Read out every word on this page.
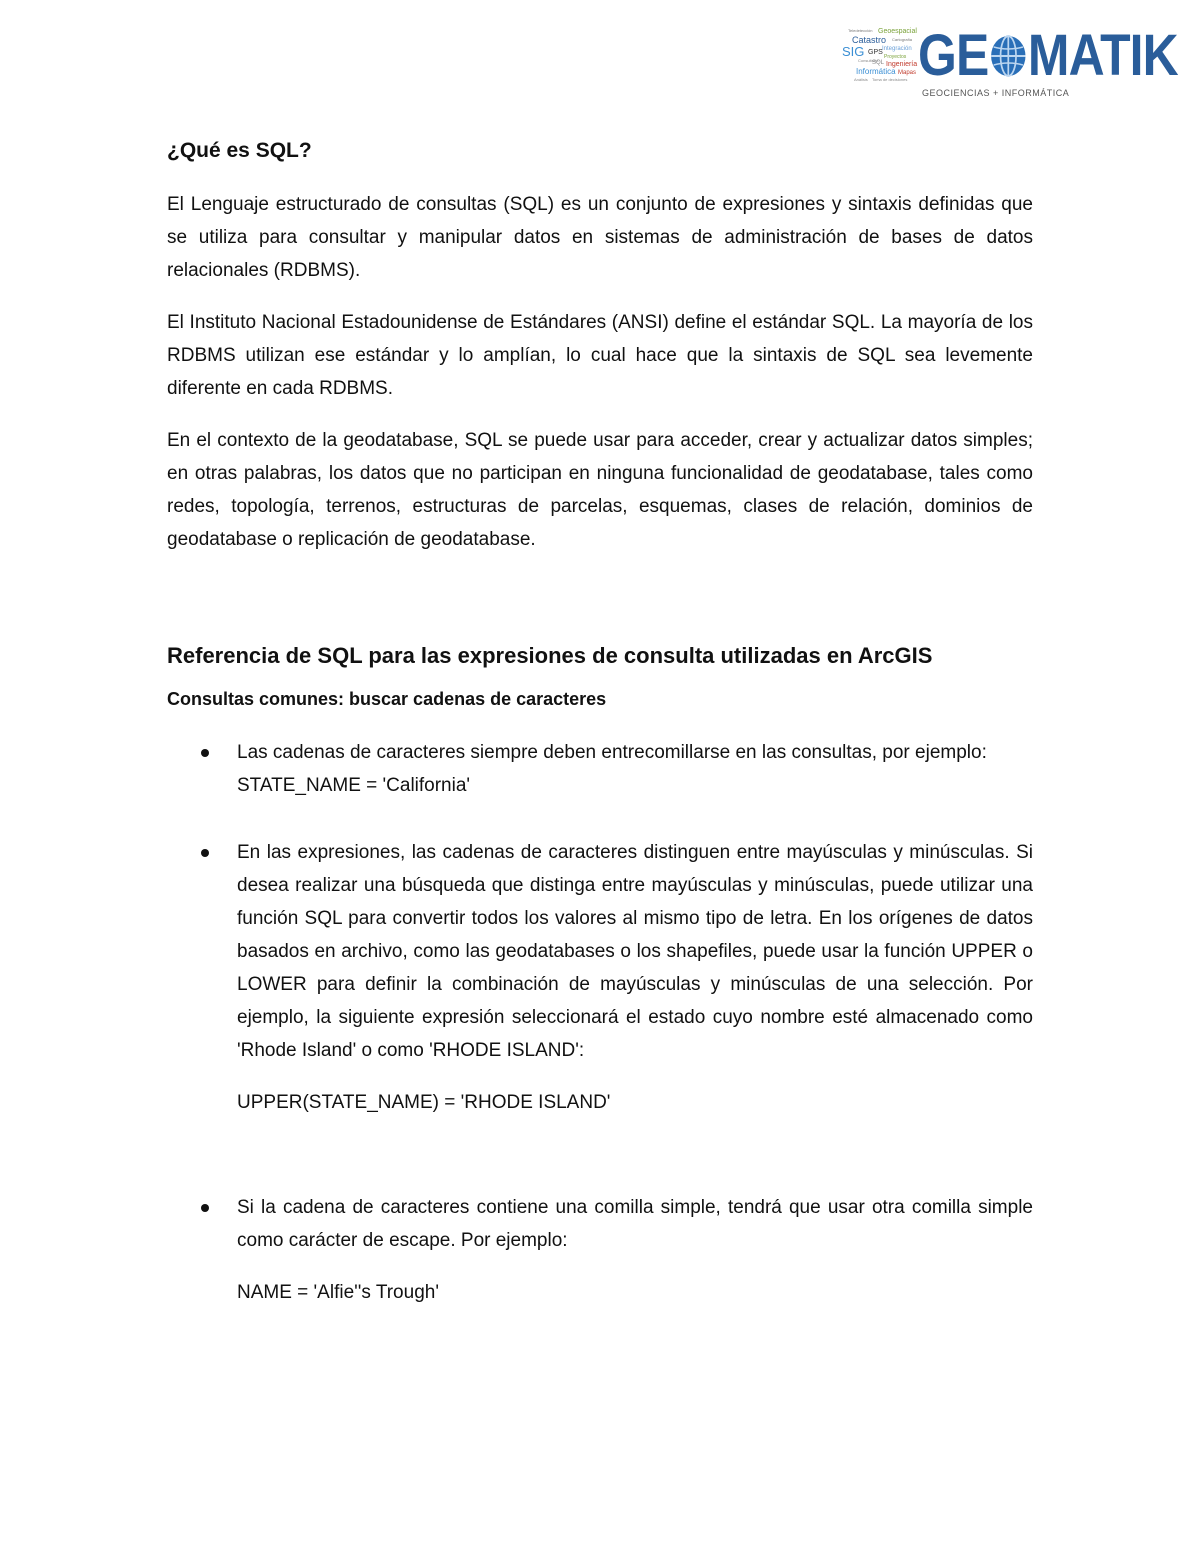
Teledetección Geoespacial
Catastro Cartografía
SIG GPS Integración
Consultoría
SQL
Proyectos
Ingeniería
Informática Mapas
Análisis Toma de decisiones GE MATIK
GEOCIENCIAS + INFORMÁTICA
¿Qué es SQL?

El Lenguaje estructurado de consultas (SQL) es un conjunto de expresiones y sintaxis definidas que se utiliza para consultar y manipular datos en sistemas de administración de bases de datos relacionales (RDBMS).

El Instituto Nacional Estadounidense de Estándares (ANSI) define el estándar SQL. La mayoría de los RDBMS utilizan ese estándar y lo amplían, lo cual hace que la sintaxis de SQL sea levemente diferente en cada RDBMS.

En el contexto de la geodatabase, SQL se puede usar para acceder, crear y actualizar datos simples; en otras palabras, los datos que no participan en ninguna funcionalidad de geodatabase, tales como redes, topología, terrenos, estructuras de parcelas, esquemas, clases de relación, dominios de geodatabase o replicación de geodatabase.

Referencia de SQL para las expresiones de consulta utilizadas en ArcGIS
Consultas comunes: buscar cadenas de caracteres
Las cadenas de caracteres siempre deben entrecomillarse en las consultas, por ejemplo:
STATE_NAME = 'California'
En las expresiones, las cadenas de caracteres distinguen entre mayúsculas y minúsculas. Si desea realizar una búsqueda que distinga entre mayúsculas y minúsculas, puede utilizar una función SQL para convertir todos los valores al mismo tipo de letra. En los orígenes de datos basados en archivo, como las geodatabases o los shapefiles, puede usar la función UPPER o LOWER para definir la combinación de mayúsculas y minúsculas de una selección. Por ejemplo, la siguiente expresión seleccionará el estado cuyo nombre esté almacenado como 'Rhode Island' o como 'RHODE ISLAND':
UPPER(STATE_NAME) = 'RHODE ISLAND'
Si la cadena de caracteres contiene una comilla simple, tendrá que usar otra comilla simple como carácter de escape. Por ejemplo:
NAME = 'Alfie''s Trough'
